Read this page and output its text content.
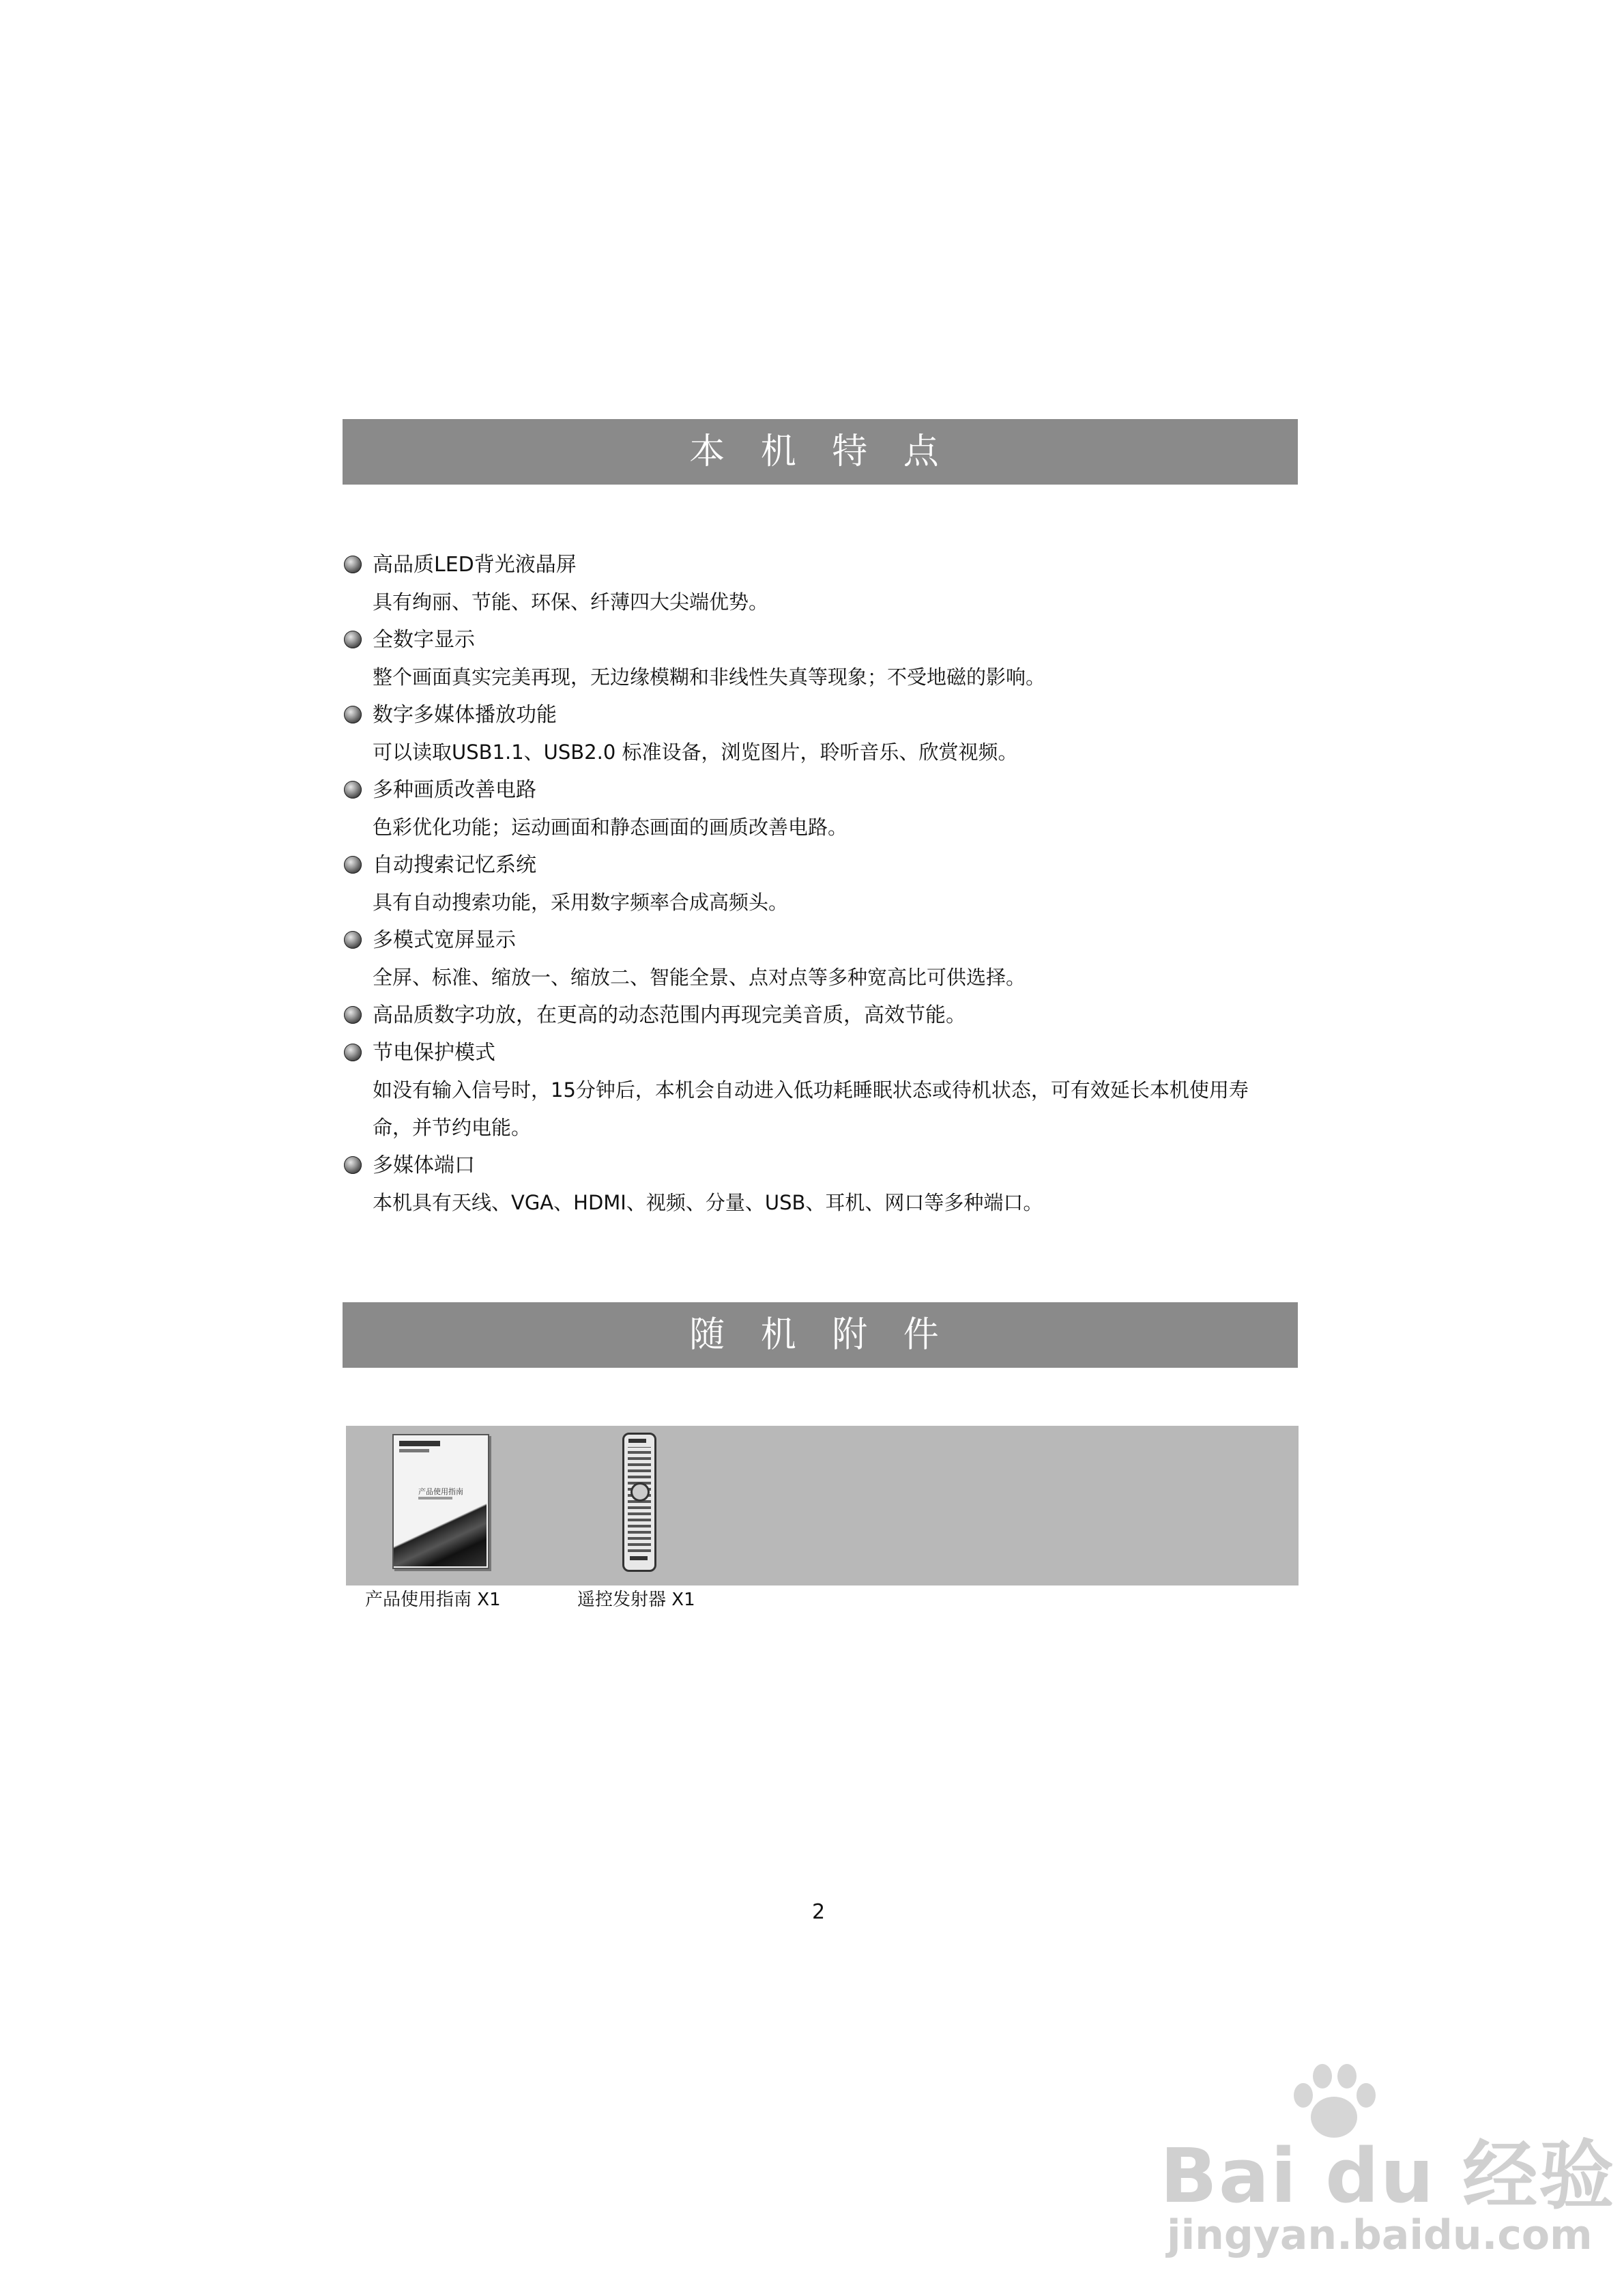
本 机 特 点
高品质LED背光液晶屏
具有绚丽、节能、环保、纤薄四大尖端优势。
全数字显示
整个画面真实完美再现，无边缘模糊和非线性失真等现象；不受地磁的影响。
数字多媒体播放功能
可以读取USB1.1、USB2.0 标准设备，浏览图片，聆听音乐、欣赏视频。
多种画质改善电路
色彩优化功能；运动画面和静态画面的画质改善电路。
自动搜索记忆系统
具有自动搜索功能，采用数字频率合成高频头。
多模式宽屏显示
全屏、标准、缩放一、缩放二、智能全景、点对点等多种宽高比可供选择。
高品质数字功放，在更高的动态范围内再现完美音质，高效节能。
节电保护模式
如没有输入信号时，15分钟后，本机会自动进入低功耗睡眠状态或待机状态，可有效延长本机使用寿
命，并节约电能。
多媒体端口
本机具有天线、VGA、HDMI、视频、分量、USB、耳机、网口等多种端口。
随 机 附 件
产品使用指南
产品使用指南 X1	遥控发射器 X1
2
Bai du 经验
jingyan.baidu.com
